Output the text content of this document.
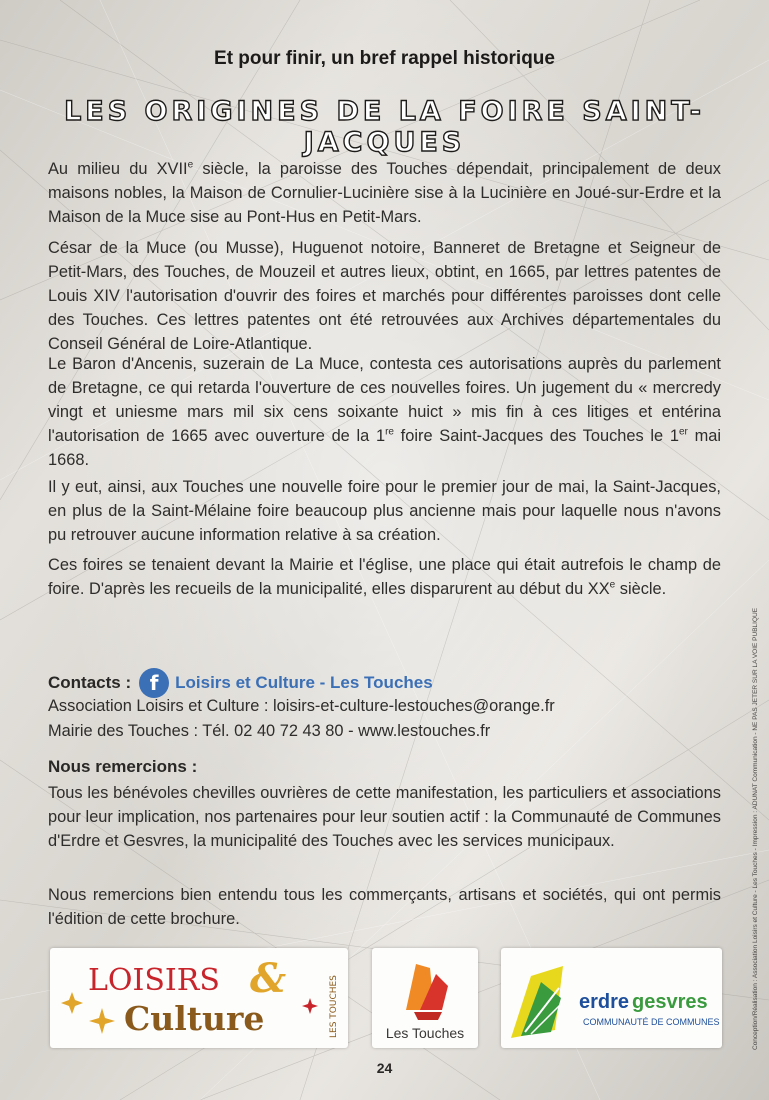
Et pour finir, un bref rappel historique
LES ORIGINES DE LA FOIRE SAINT-JACQUES

Au milieu du XVIIe siècle, la paroisse des Touches dépendait, principalement de deux maisons nobles, la Maison de Cornulier-Lucinière sise à la Lucinière en Joué-sur-Erdre et la Maison de la Muce sise au Pont-Hus en Petit-Mars.

César de la Muce (ou Musse), Huguenot notoire, Banneret de Bretagne et Seigneur de Petit-Mars, des Touches, de Mouzeil et autres lieux, obtint, en 1665, par lettres patentes de Louis XIV l'autorisation d'ouvrir des foires et marchés pour différentes paroisses dont celle des Touches. Ces lettres patentes ont été retrouvées aux Archives départementales du Conseil Général de Loire-Atlantique.

Le Baron d'Ancenis, suzerain de La Muce, contesta ces autorisations auprès du parlement de Bretagne, ce qui retarda l'ouverture de ces nouvelles foires. Un jugement du « mercredy vingt et uniesme mars mil six cens soixante huict » mis fin à ces litiges et entérina l'autorisation de 1665 avec ouverture de la 1re foire Saint-Jacques des Touches le 1er mai 1668.

Il y eut, ainsi, aux Touches une nouvelle foire pour le premier jour de mai, la Saint-Jacques, en plus de la Saint-Mélaine foire beaucoup plus ancienne mais pour laquelle nous n'avons pu retrouver aucune information relative à sa création.

Ces foires se tenaient devant la Mairie et l'église, une place qui était autrefois le champ de foire. D'après les recueils de la municipalité, elles disparurent au début du XXe siècle.

Contacts : f Loisirs et Culture - Les Touches
Association Loisirs et Culture : loisirs-et-culture-lestouches@orange.fr
Mairie des Touches : Tél. 02 40 72 43 80 - www.lestouches.fr
Nous remercions :

Tous les bénévoles chevilles ouvrières de cette manifestation, les particuliers et associations pour leur implication, nos partenaires pour leur soutien actif : la Communauté de Communes d'Erdre et Gesvres, la municipalité des Touches avec les services municipaux.

Nous remercions bien entendu tous les commerçants, artisans et sociétés, qui ont permis l'édition de cette brochure.

LOISIRS &
Culture	LES TOUCHES	Les Touches
erdre gesvres
COMMUNAUTÉ DE COMMUNES
24
Conception/Réalisation : Association Loisirs et Culture - Les Touches - Impression : ADUNAT Communication - NE PAS JETER SUR LA VOIE PUBLIQUE
